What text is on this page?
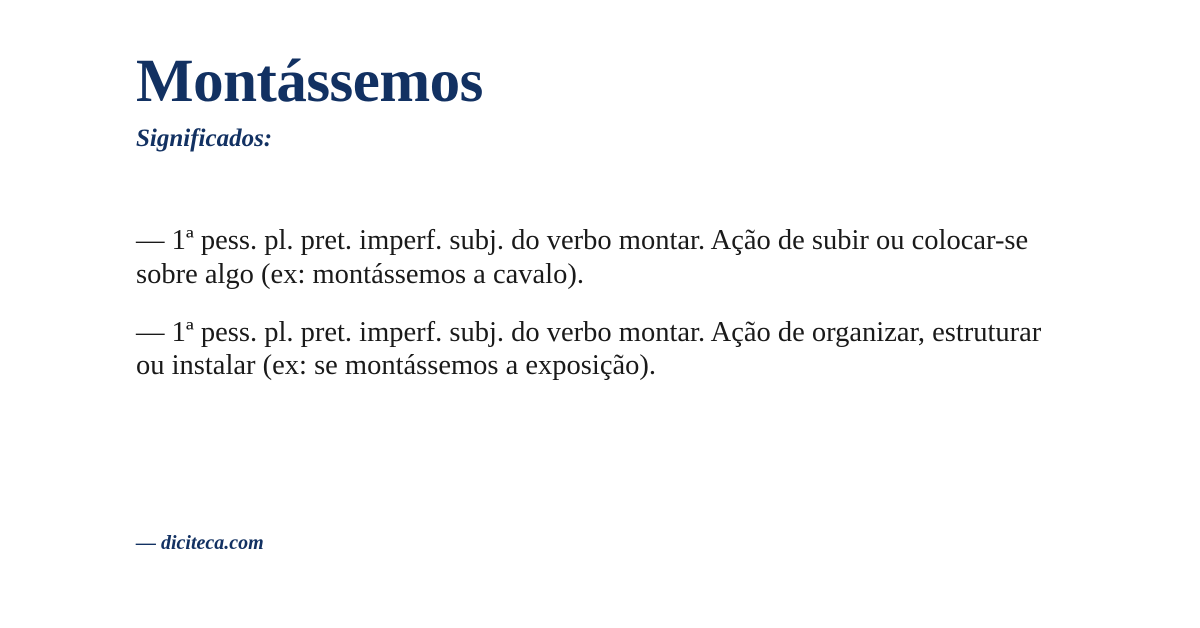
Montássemos
Significados:

— 1ª pess. pl. pret. imperf. subj. do verbo montar. Ação de subir ou colocar-se sobre algo (ex: montássemos a cavalo).

— 1ª pess. pl. pret. imperf. subj. do verbo montar. Ação de organizar, estruturar ou instalar (ex: se montássemos a exposição).

— diciteca.com
